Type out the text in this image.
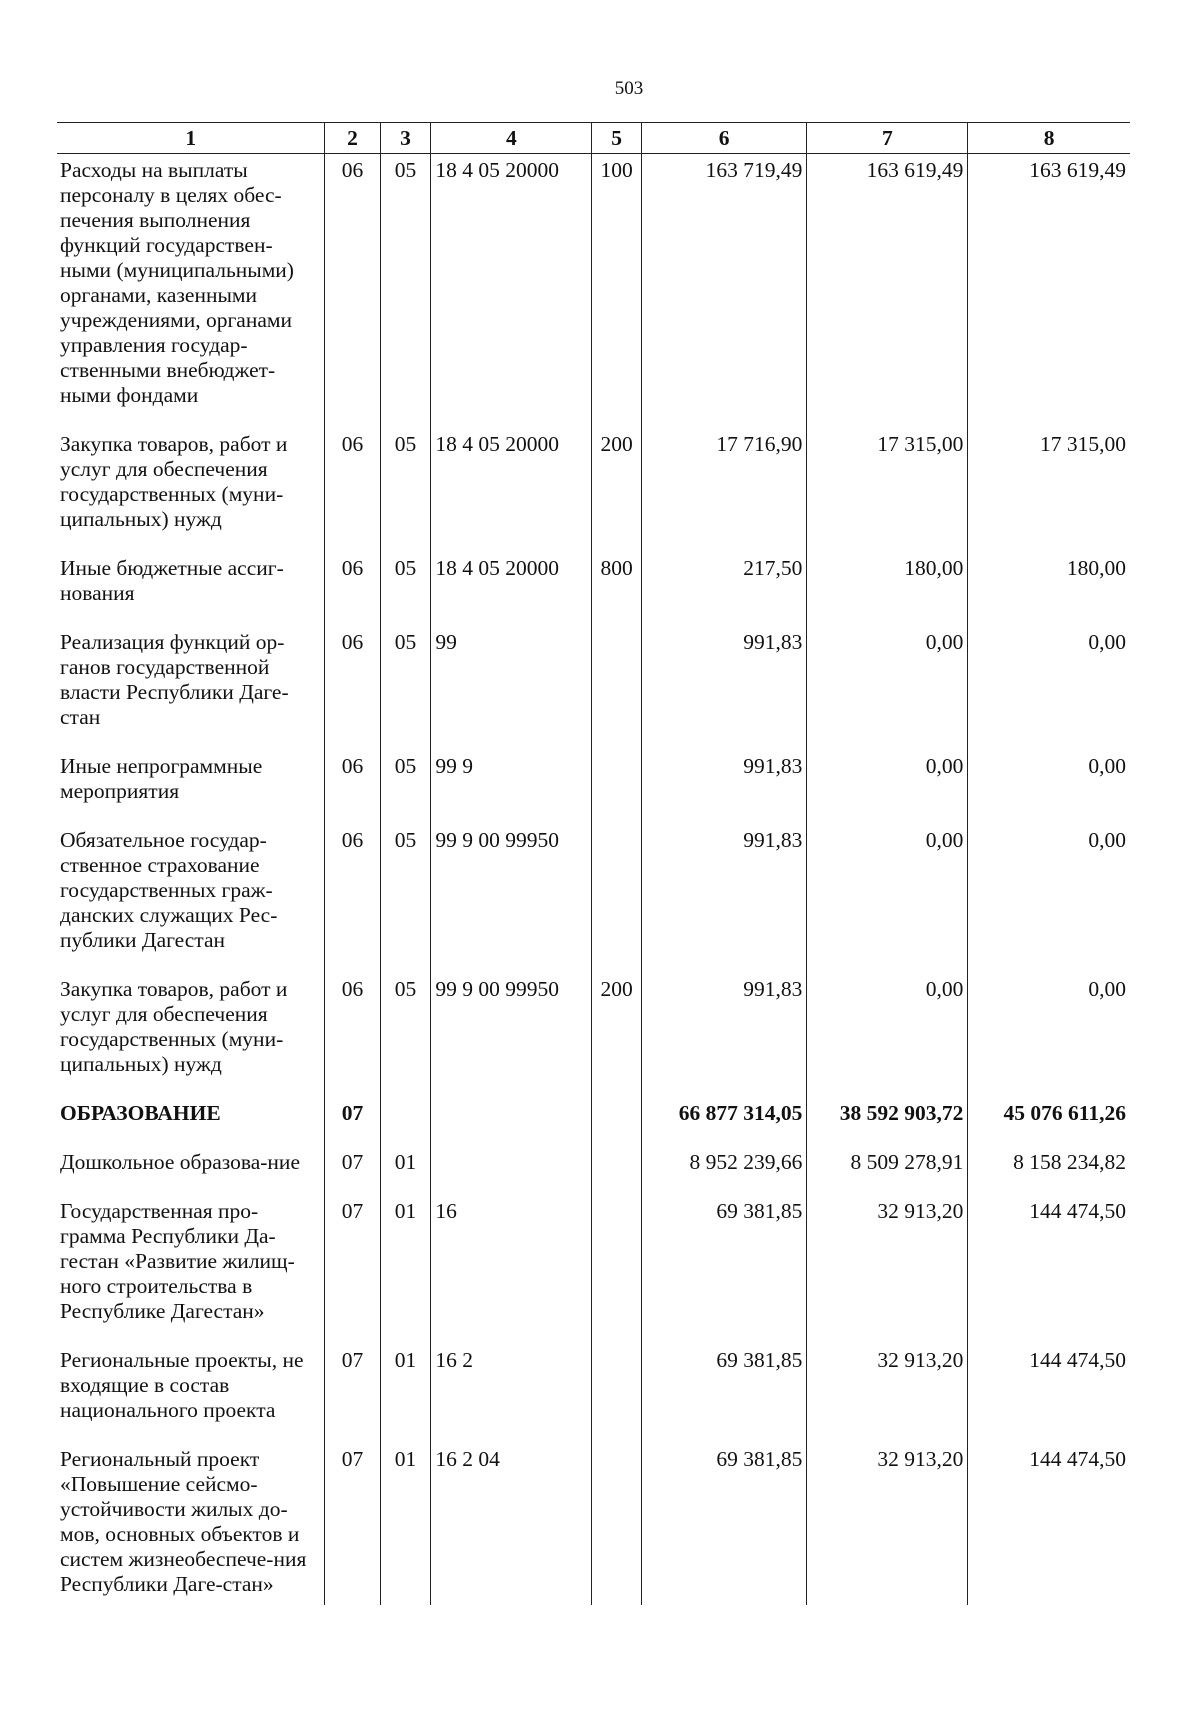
503
1	2	3	4	5	6	7	8
Расходы на выплаты персоналу в целях обес-печения выполнения функций государствен-ными (муниципальными) органами, казенными учреждениями, органами управления государ-ственными внебюджет-ными фондами	06	05	18 4 05 20000	100	163 719,49	163 619,49	163 619,49
Закупка товаров, работ и услуг для обеспечения государственных (муни-ципальных) нужд	06	05	18 4 05 20000	200	17 716,90	17 315,00	17 315,00
Иные бюджетные ассиг-нования	06	05	18 4 05 20000	800	217,50	180,00	180,00
Реализация функций ор-ганов государственной власти Республики Даге-стан	06	05	99		991,83	0,00	0,00
Иные непрограммные мероприятия	06	05	99 9		991,83	0,00	0,00
Обязательное государ-ственное страхование государственных граж-данских служащих Рес-публики Дагестан	06	05	99 9 00 99950		991,83	0,00	0,00
Закупка товаров, работ и услуг для обеспечения государственных (муни-ципальных) нужд	06	05	99 9 00 99950	200	991,83	0,00	0,00
ОБРАЗОВАНИЕ	07				66 877 314,05	38 592 903,72	45 076 611,26
Дошкольное образова-ние	07	01			8 952 239,66	8 509 278,91	8 158 234,82
Государственная про-грамма Республики Да-гестан «Развитие жилищ-ного строительства в Республике Дагестан»	07	01	16		69 381,85	32 913,20	144 474,50
Региональные проекты, не входящие в состав национального проекта	07	01	16 2		69 381,85	32 913,20	144 474,50
Региональный проект «Повышение сейсмо-устойчивости жилых до-мов, основных объектов и систем жизнеобеспече-ния Республики Даге-стан»	07	01	16 2 04		69 381,85	32 913,20	144 474,50
